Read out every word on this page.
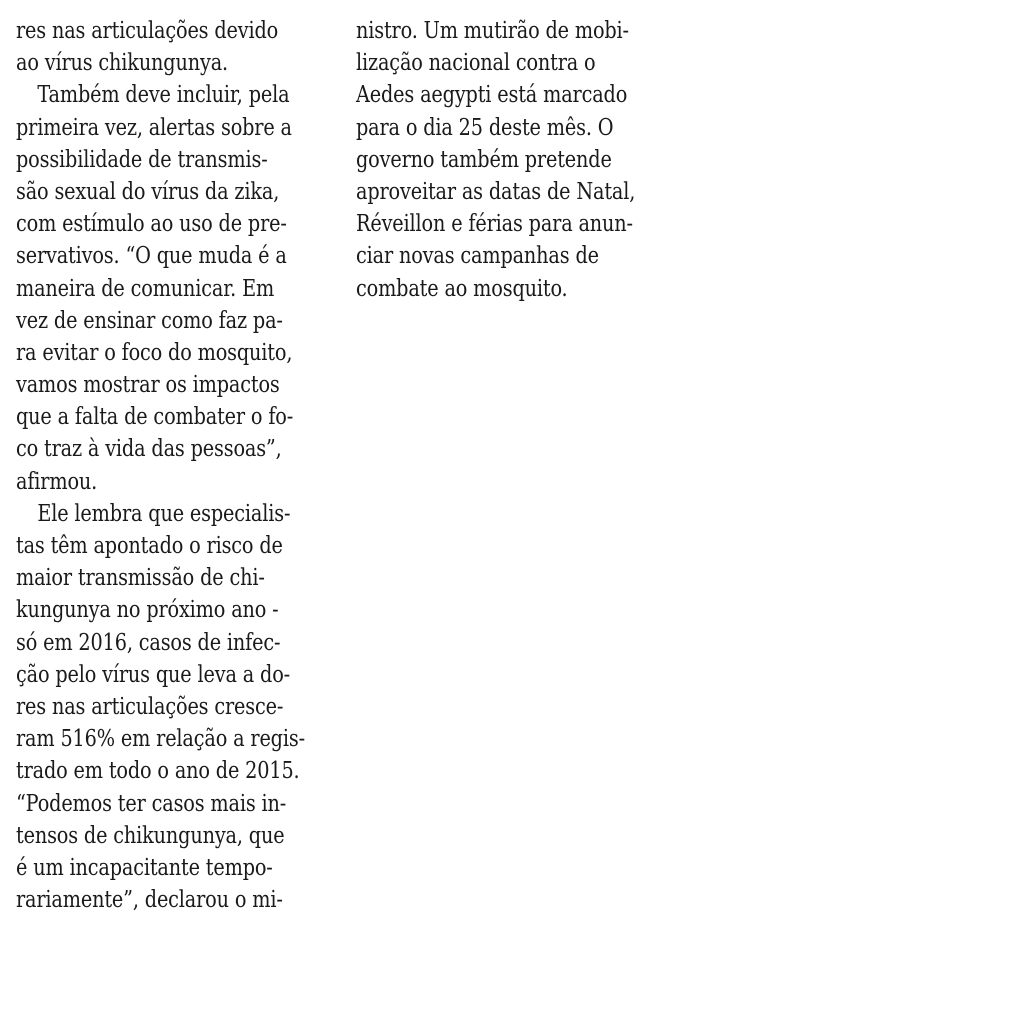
res nas articulações devido
ao vírus chikungunya.
Também deve incluir, pela
primeira vez, alertas sobre a
possibilidade de transmis-
são sexual do vírus da zika,
com estímulo ao uso de pre-
servativos. “O que muda é a
maneira de comunicar. Em
vez de ensinar como faz pa-
ra evitar o foco do mosquito,
vamos mostrar os impactos
que a falta de combater o fo-
co traz à vida das pessoas”,
afirmou.
Ele lembra que especialis-
tas têm apontado o risco de
maior transmissão de chi-
kungunya no próximo ano -
só em 2016, casos de infec-
ção pelo vírus que leva a do-
res nas articulações cresce-
ram 516% em relação a regis-
trado em todo o ano de 2015.
“Podemos ter casos mais in-
tensos de chikungunya, que
é um incapacitante tempo-
rariamente”, declarou o mi-
nistro. Um mutirão de mobi-
lização nacional contra o
Aedes aegypti está marcado
para o dia 25 deste mês. O
governo também pretende
aproveitar as datas de Natal,
Réveillon e férias para anun-
ciar novas campanhas de
combate ao mosquito.
